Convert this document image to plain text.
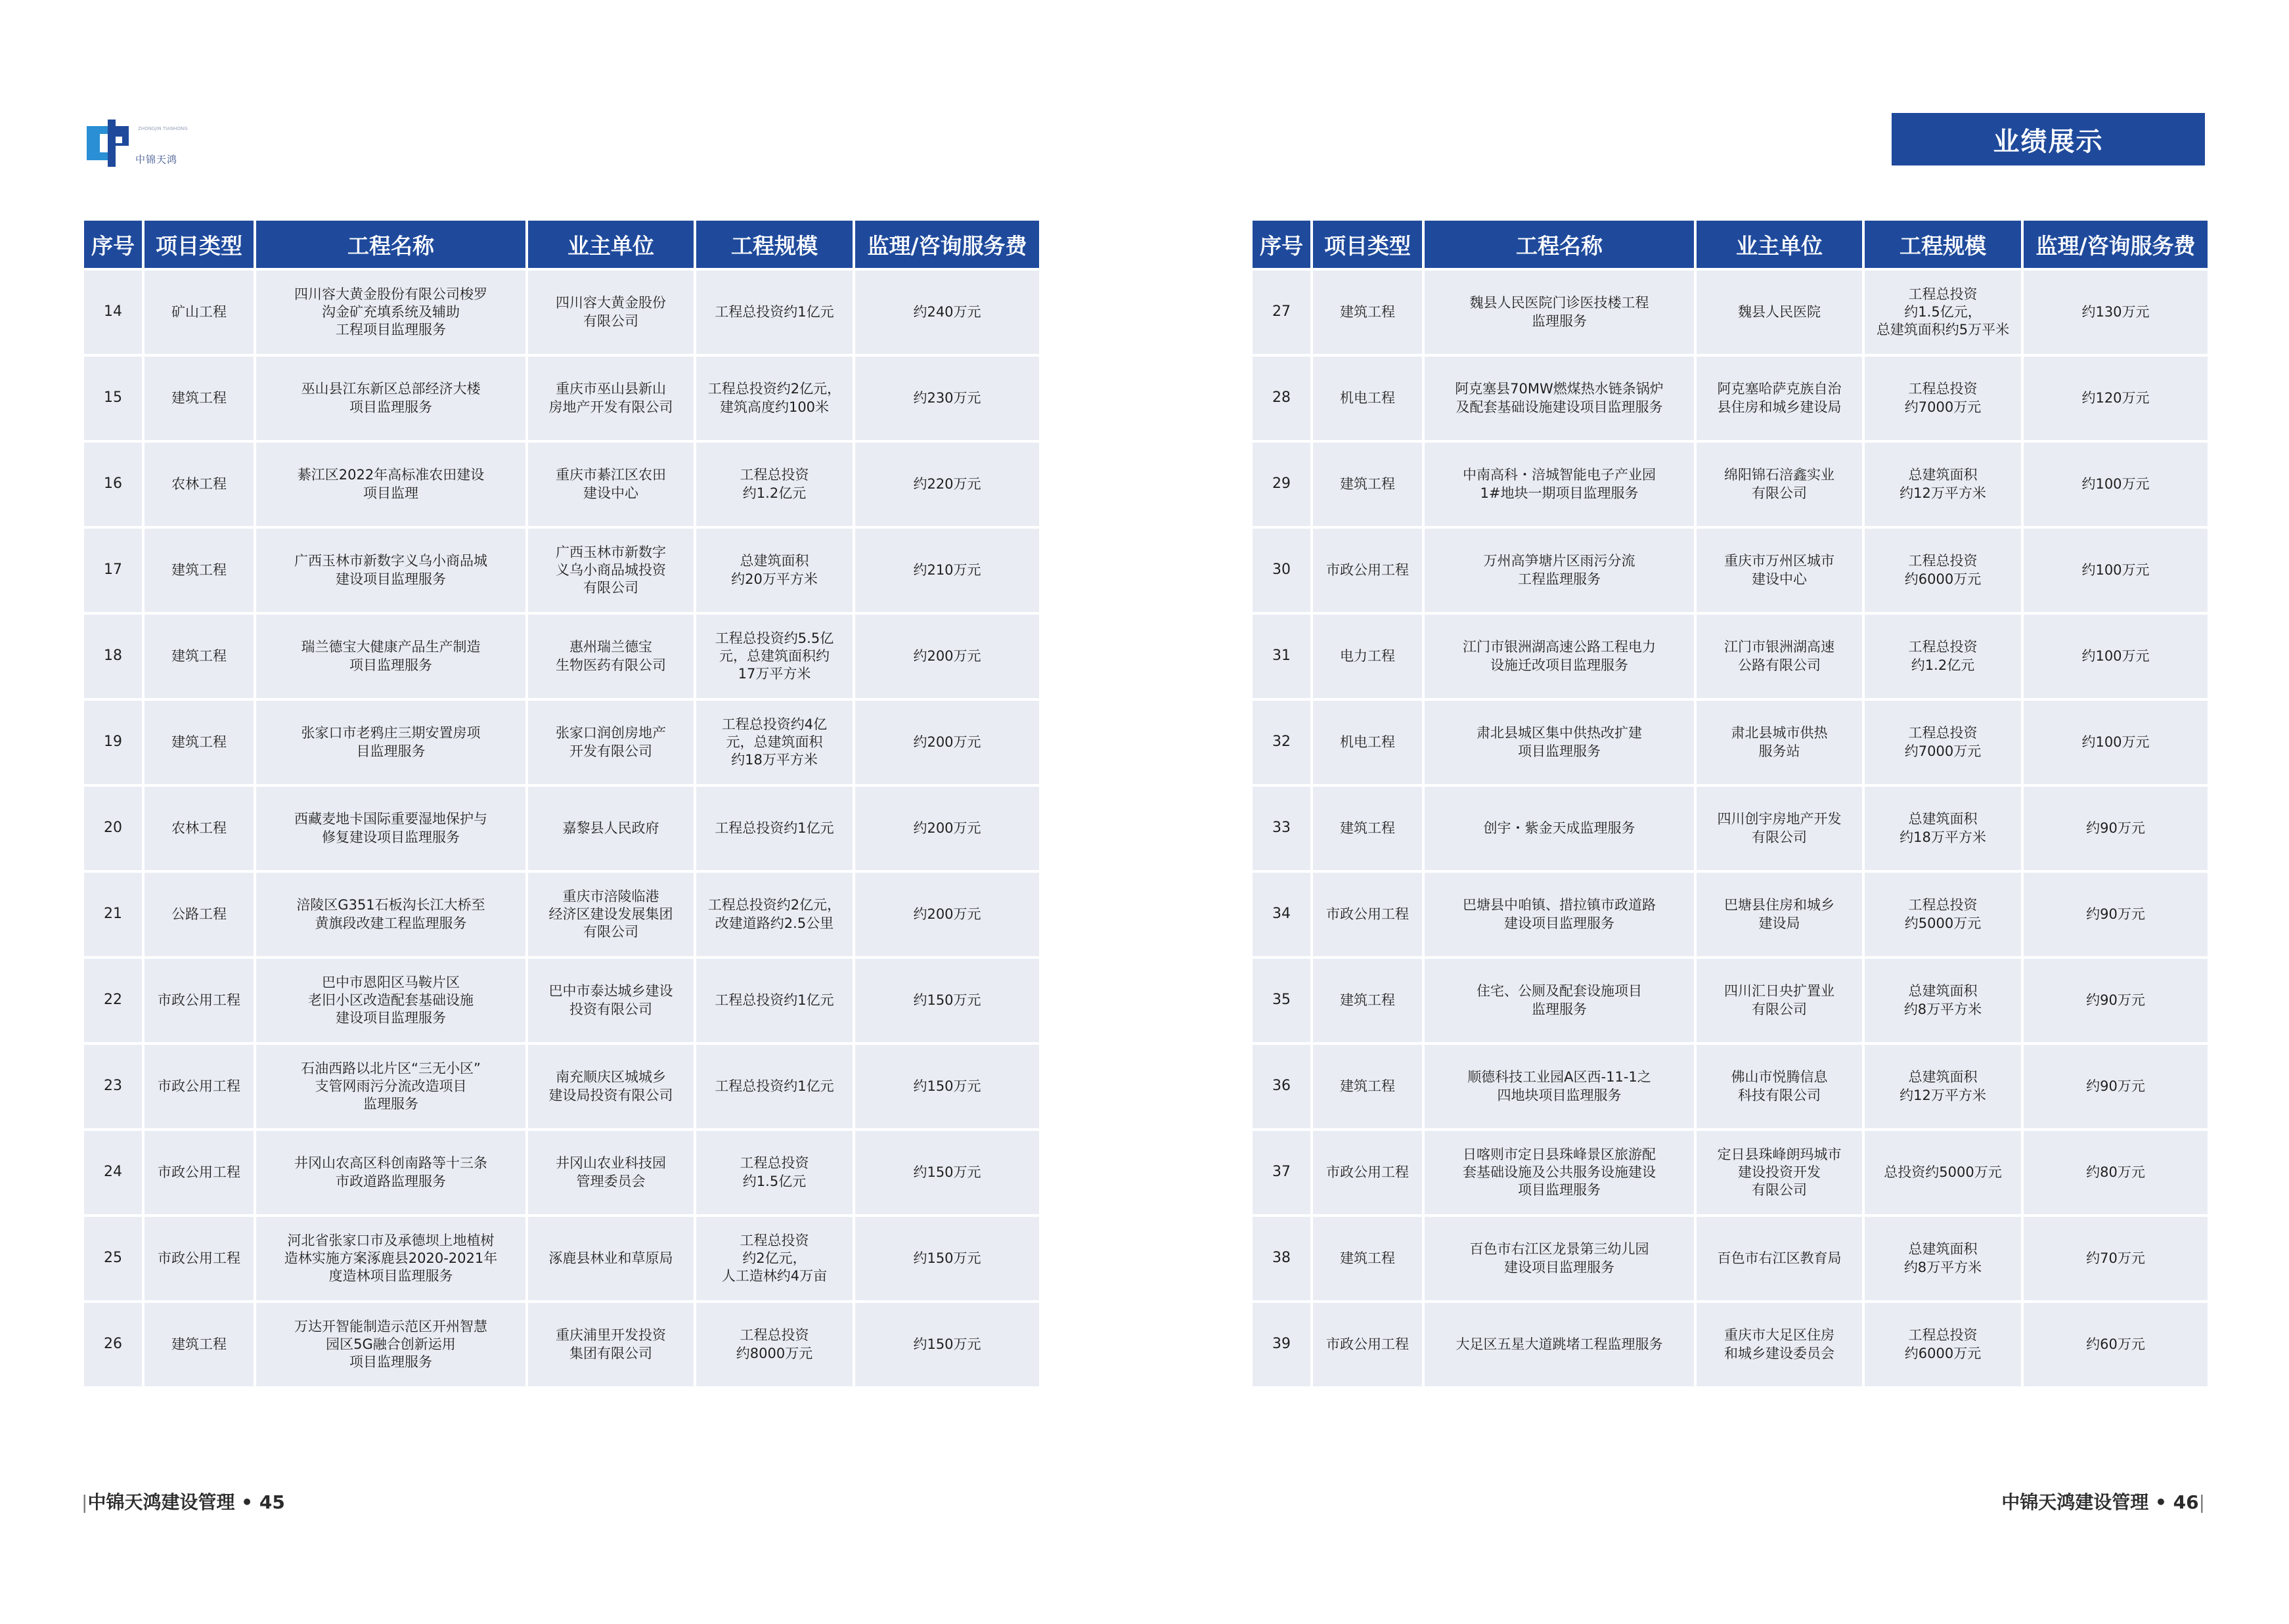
ZHONGJIN TIANHONG
中锦天鸿
业绩展示
序号	项目类型	工程名称	业主单位	工程规模	监理/咨询服务费
14	矿山工程	四川容大黄金股份有限公司梭罗
沟金矿充填系统及辅助
工程项目监理服务	四川容大黄金股份
有限公司	工程总投资约1亿元	约240万元
15	建筑工程	巫山县江东新区总部经济大楼
项目监理服务	重庆市巫山县新山
房地产开发有限公司	工程总投资约2亿元，
建筑高度约100米	约230万元
16	农林工程	綦江区2022年高标准农田建设
项目监理	重庆市綦江区农田
建设中心	工程总投资
约1.2亿元	约220万元
17	建筑工程	广西玉林市新数字义乌小商品城
建设项目监理服务	广西玉林市新数字
义乌小商品城投资
有限公司	总建筑面积
约20万平方米	约210万元
18	建筑工程	瑞兰德宝大健康产品生产制造
项目监理服务	惠州瑞兰德宝
生物医药有限公司	工程总投资约5.5亿
元，总建筑面积约
17万平方米	约200万元
19	建筑工程	张家口市老鸦庄三期安置房项
目监理服务	张家口润创房地产
开发有限公司	工程总投资约4亿
元，总建筑面积
约18万平方米	约200万元
20	农林工程	西藏麦地卡国际重要湿地保护与
修复建设项目监理服务	嘉黎县人民政府	工程总投资约1亿元	约200万元
21	公路工程	涪陵区G351石板沟长江大桥至
黄旗段改建工程监理服务	重庆市涪陵临港
经济区建设发展集团
有限公司	工程总投资约2亿元，
改建道路约2.5公里	约200万元
22	市政公用工程	巴中市恩阳区马鞍片区
老旧小区改造配套基础设施
建设项目监理服务	巴中市泰达城乡建设
投资有限公司	工程总投资约1亿元	约150万元
23	市政公用工程	石油西路以北片区“三无小区”
支管网雨污分流改造项目
监理服务	南充顺庆区城城乡
建设局投资有限公司	工程总投资约1亿元	约150万元
24	市政公用工程	井冈山农高区科创南路等十三条
市政道路监理服务	井冈山农业科技园
管理委员会	工程总投资
约1.5亿元	约150万元
25	市政公用工程	河北省张家口市及承德坝上地植树
造林实施方案涿鹿县2020-2021年
度造林项目监理服务	涿鹿县林业和草原局	工程总投资
约2亿元，
人工造林约4万亩	约150万元
26	建筑工程	万达开智能制造示范区开州智慧
园区5G融合创新运用
项目监理服务	重庆浦里开发投资
集团有限公司	工程总投资
约8000万元	约150万元
序号	项目类型	工程名称	业主单位	工程规模	监理/咨询服务费
27	建筑工程	魏县人民医院门诊医技楼工程
监理服务	魏县人民医院	工程总投资
约1.5亿元，
总建筑面积约5万平米	约130万元
28	机电工程	阿克塞县70MW燃煤热水链条锅炉
及配套基础设施建设项目监理服务	阿克塞哈萨克族自治
县住房和城乡建设局	工程总投资
约7000万元	约120万元
29	建筑工程	中南高科・涪城智能电子产业园
1#地块一期项目监理服务	绵阳锦石涪鑫实业
有限公司	总建筑面积
约12万平方米	约100万元
30	市政公用工程	万州高笋塘片区雨污分流
工程监理服务	重庆市万州区城市
建设中心	工程总投资
约6000万元	约100万元
31	电力工程	江门市银洲湖高速公路工程电力
设施迁改项目监理服务	江门市银洲湖高速
公路有限公司	工程总投资
约1.2亿元	约100万元
32	机电工程	肃北县城区集中供热改扩建
项目监理服务	肃北县城市供热
服务站	工程总投资
约7000万元	约100万元
33	建筑工程	创宇・紫金天成监理服务	四川创宇房地产开发
有限公司	总建筑面积
约18万平方米	约90万元
34	市政公用工程	巴塘县中咱镇、措拉镇市政道路
建设项目监理服务	巴塘县住房和城乡
建设局	工程总投资
约5000万元	约90万元
35	建筑工程	住宅、公厕及配套设施项目
监理服务	四川汇日央扩置业
有限公司	总建筑面积
约8万平方米	约90万元
36	建筑工程	顺德科技工业园A区西-11-1之
四地块项目监理服务	佛山市悦腾信息
科技有限公司	总建筑面积
约12万平方米	约90万元
37	市政公用工程	日喀则市定日县珠峰景区旅游配
套基础设施及公共服务设施建设
项目监理服务	定日县珠峰朗玛城市
建设投资开发
有限公司	总投资约5000万元	约80万元
38	建筑工程	百色市右江区龙景第三幼儿园
建设项目监理服务	百色市右江区教育局	总建筑面积
约8万平方米	约70万元
39	市政公用工程	大足区五星大道跳堵工程监理服务	重庆市大足区住房
和城乡建设委员会	工程总投资
约6000万元	约60万元
|中锦天鸿建设管理 • 45	中锦天鸿建设管理 • 46|
